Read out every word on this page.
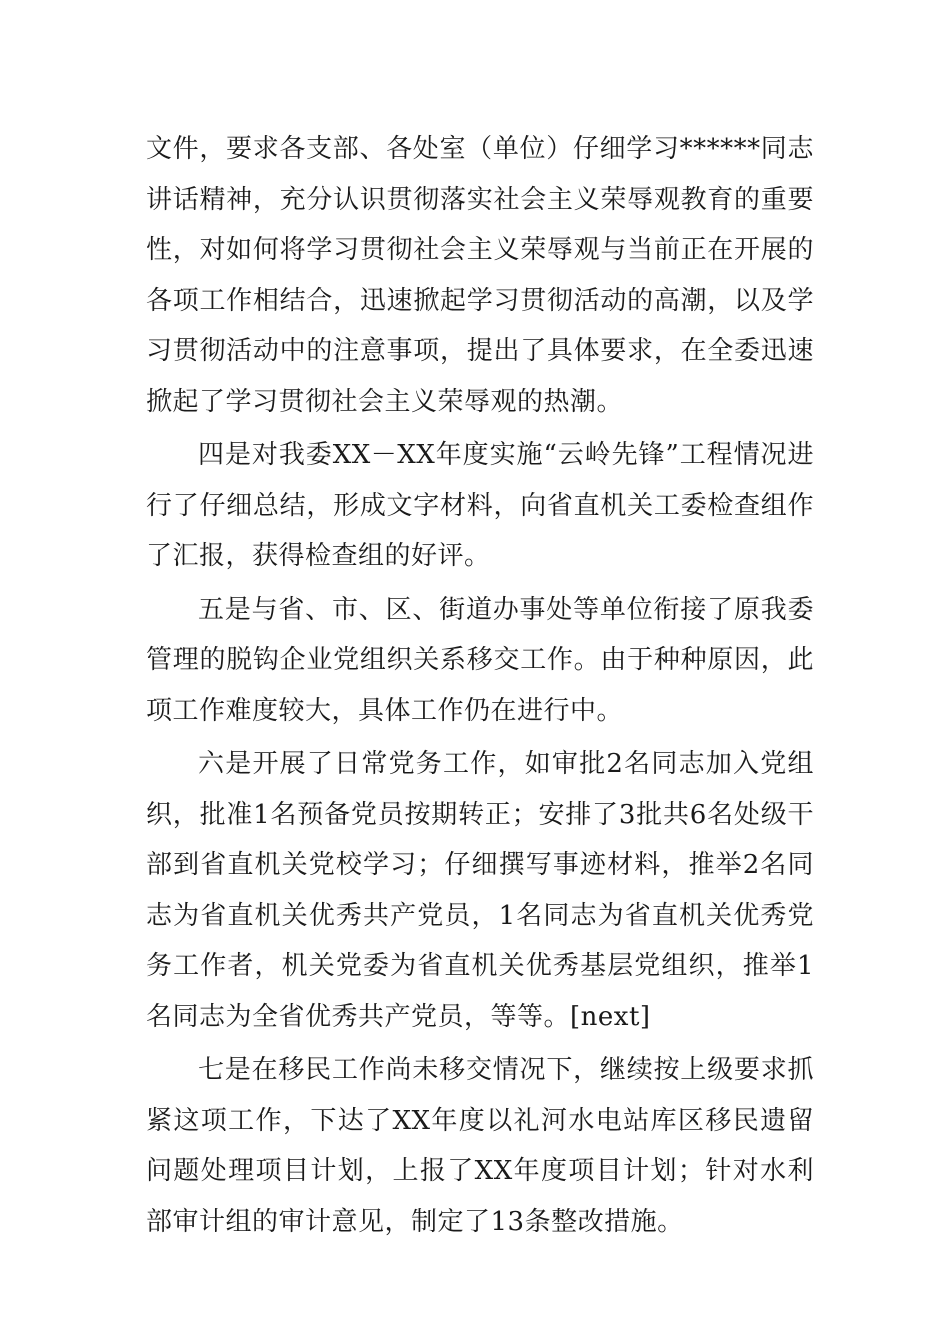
文件，要求各支部、各处室（单位）仔细学习******同志讲话精神，充分认识贯彻落实社会主义荣辱观教育的重要性，对如何将学习贯彻社会主义荣辱观与当前正在开展的各项工作相结合，迅速掀起学习贯彻活动的高潮，以及学习贯彻活动中的注意事项，提出了具体要求，在全委迅速掀起了学习贯彻社会主义荣辱观的热潮。

四是对我委XX－XX年度实施“云岭先锋”工程情况进行了仔细总结，形成文字材料，向省直机关工委检查组作了汇报，获得检查组的好评。

五是与省、市、区、街道办事处等单位衔接了原我委管理的脱钩企业党组织关系移交工作。由于种种原因，此项工作难度较大，具体工作仍在进行中。

六是开展了日常党务工作，如审批2名同志加入党组织，批准1名预备党员按期转正；安排了3批共6名处级干部到省直机关党校学习；仔细撰写事迹材料，推举2名同志为省直机关优秀共产党员，1名同志为省直机关优秀党务工作者，机关党委为省直机关优秀基层党组织，推举1名同志为全省优秀共产党员，等等。[next]

七是在移民工作尚未移交情况下，继续按上级要求抓紧这项工作，下达了XX年度以礼河水电站库区移民遗留问题处理项目计划，上报了XX年度项目计划；针对水利部审计组的审计意见，制定了13条整改措施。
